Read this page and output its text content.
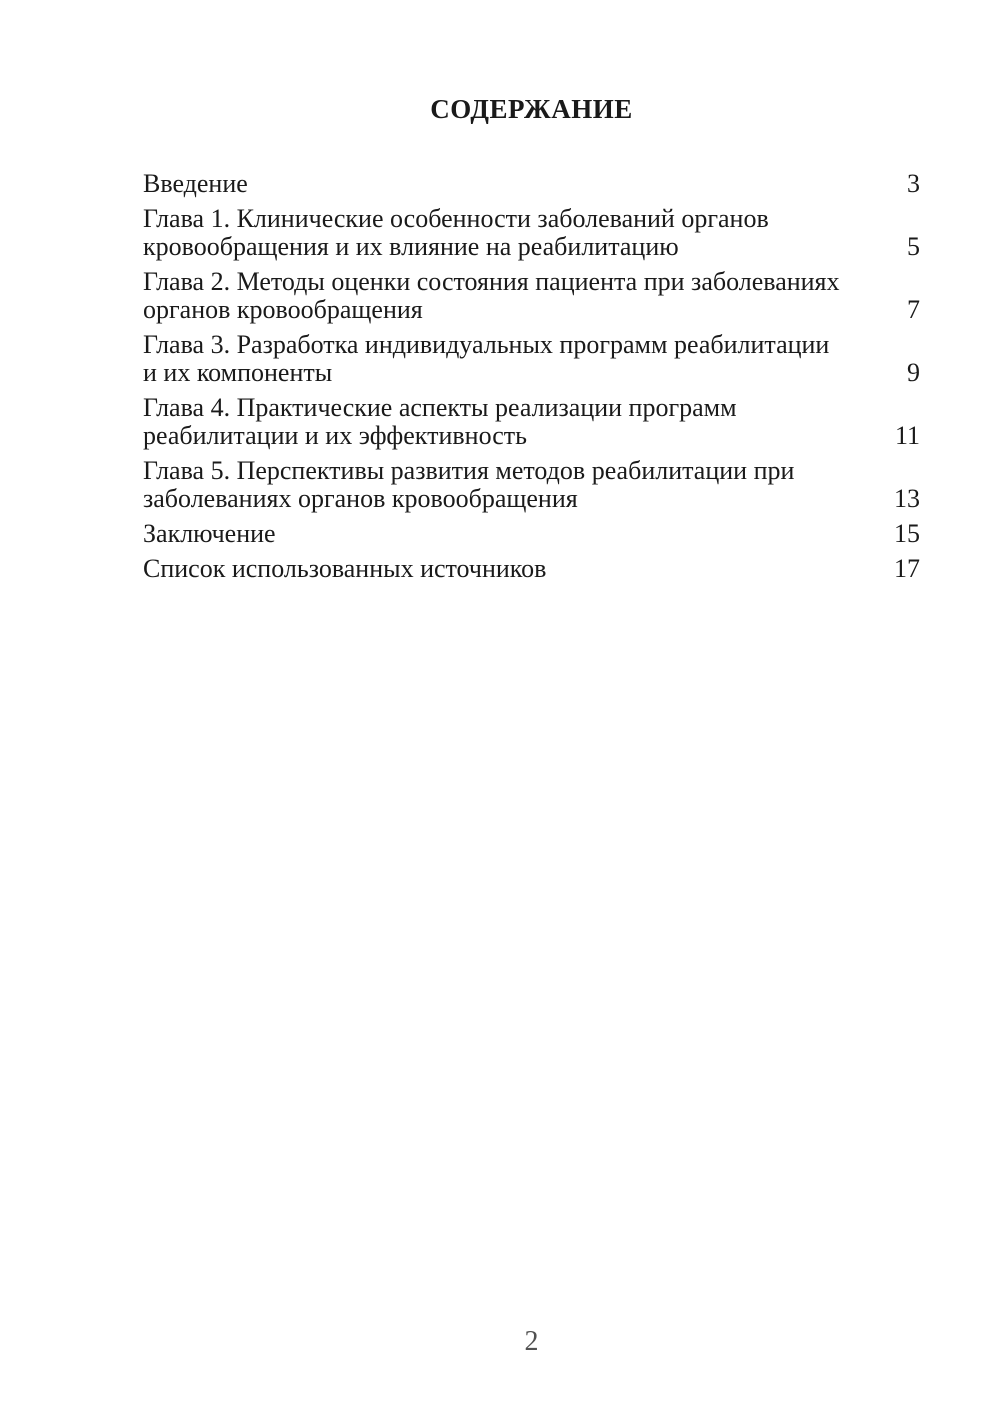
СОДЕРЖАНИЕ
Введение	3
Глава 1. Клинические особенности заболеваний органов
кровообращения и их влияние на реабилитацию	5
Глава 2. Методы оценки состояния пациента при заболеваниях
органов кровообращения	7
Глава 3. Разработка индивидуальных программ реабилитации
и их компоненты	9
Глава 4. Практические аспекты реализации программ
реабилитации и их эффективность	11
Глава 5. Перспективы развития методов реабилитации при
заболеваниях органов кровообращения	13
Заключение	15
Список использованных источников	17
2
